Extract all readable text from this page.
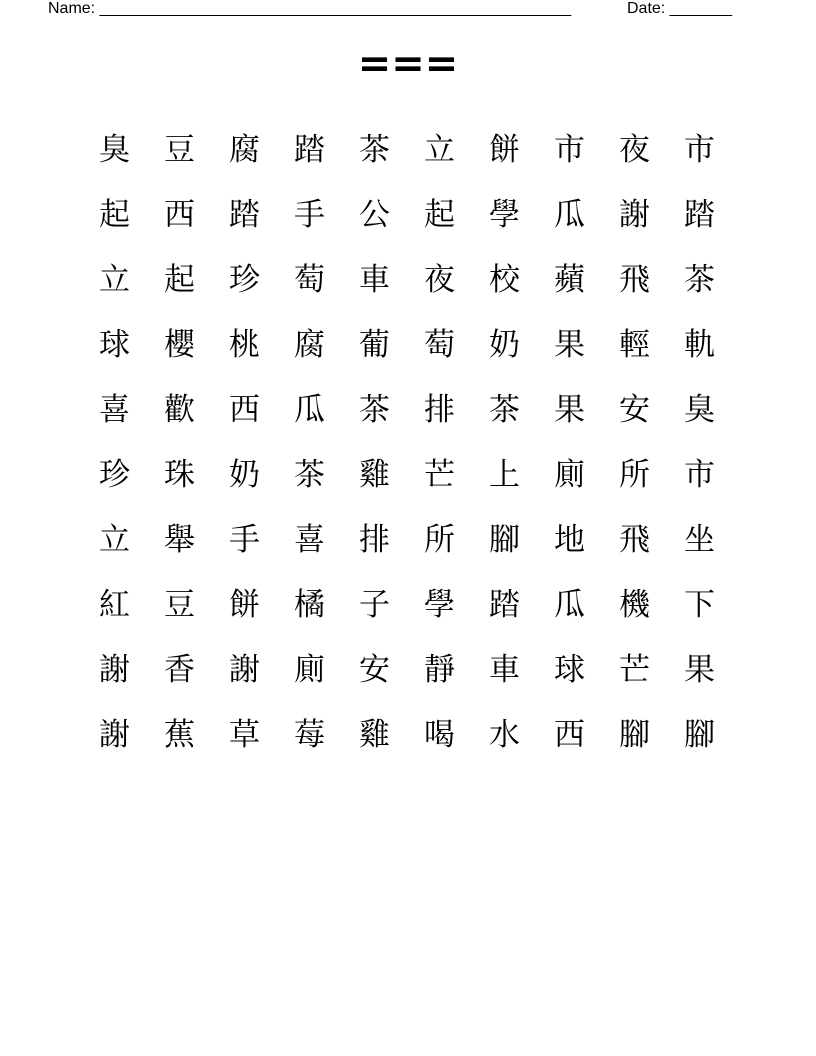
Name: _____________________________________________________	Date: _______
===
臭	豆	腐	踏	茶	立	餅	市	夜	市
起	西	踏	手	公	起	學	瓜	謝	踏
立	起	珍	萄	車	夜	校	蘋	飛	茶
球	櫻	桃	腐	葡	萄	奶	果	輕	軌
喜	歡	西	瓜	茶	排	茶	果	安	臭
珍	珠	奶	茶	雞	芒	上	廁	所	市
立	舉	手	喜	排	所	腳	地	飛	坐
紅	豆	餅	橘	子	學	踏	瓜	機	下
謝	香	謝	廁	安	靜	車	球	芒	果
謝	蕉	草	莓	雞	喝	水	西	腳	腳
